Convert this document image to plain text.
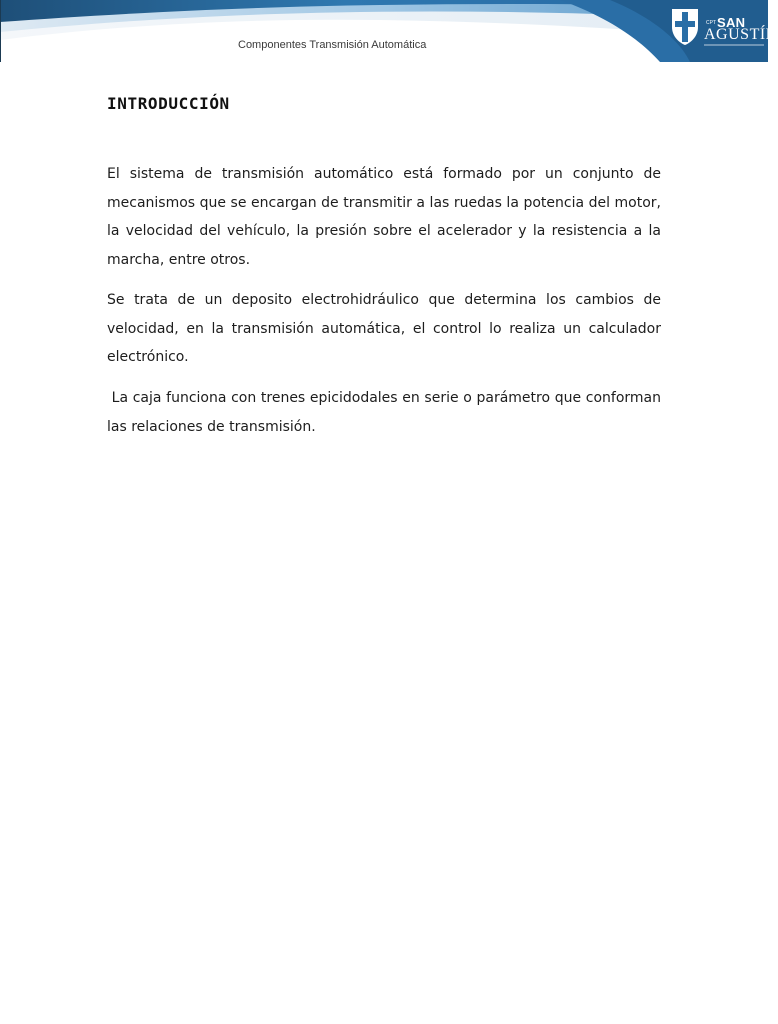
Componentes Transmisión Automática
CPT SAN
AGUSTÍN
INTRODUCCIÓN

El sistema de transmisión automático está formado por un conjunto de mecanismos que se encargan de transmitir a las ruedas la potencia del motor, la velocidad del vehículo, la presión sobre el acelerador y la resistencia a la marcha, entre otros.

Se trata de un deposito electrohidráulico que determina los cambios de velocidad, en la transmisión automática, el control lo realiza un calculador electrónico.

La caja funciona con trenes epicidodales en serie o parámetro que conforman las relaciones de transmisión.
